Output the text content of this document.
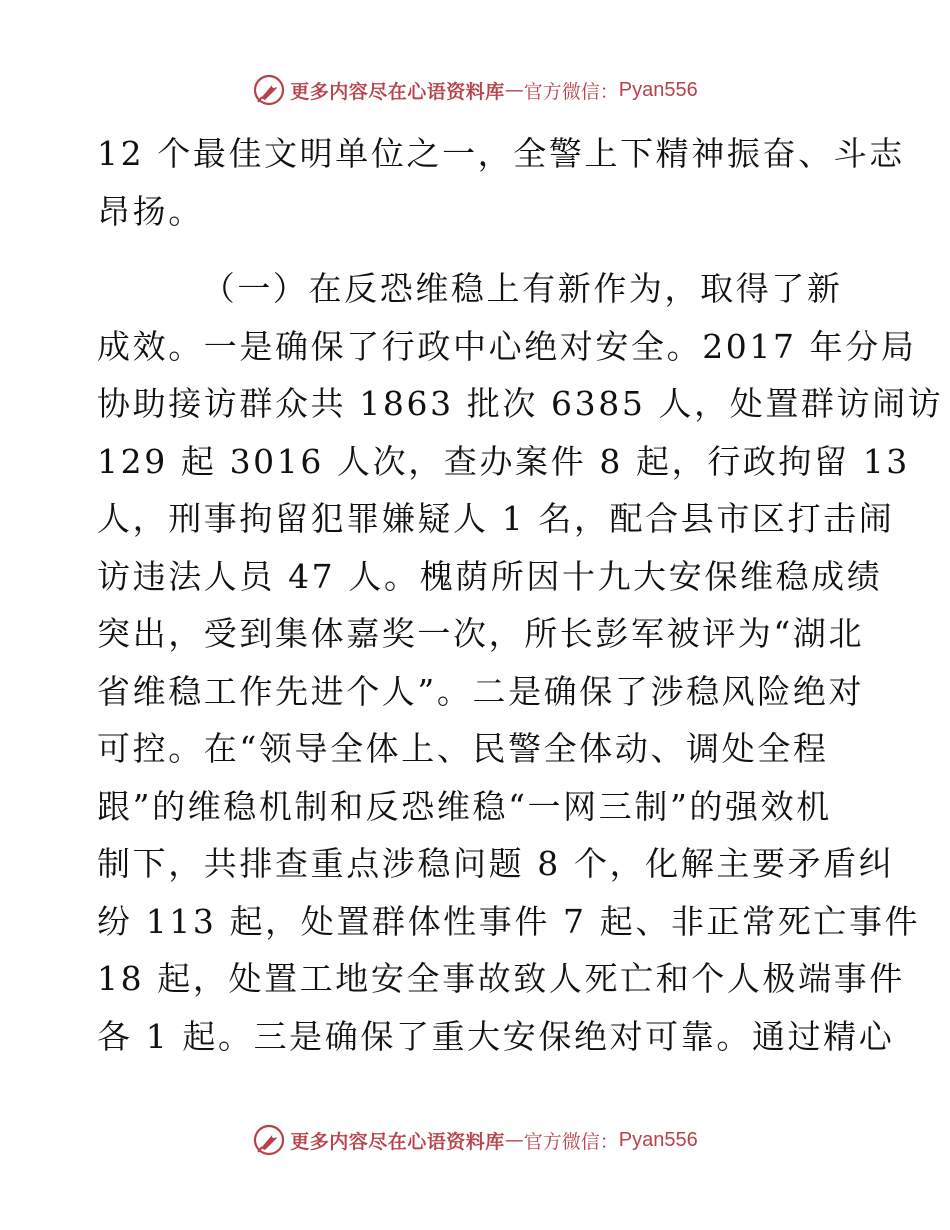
更多内容尽在心语资料库 — 官方微信： Pyan556
12 个最佳文明单位之一，全警上下精神振奋、斗志
昂扬。
（一）在反恐维稳上有新作为，取得了新
成效。一是确保了行政中心绝对安全。2017 年分局
协助接访群众共 1863 批次 6385 人，处置群访闹访
129 起 3016 人次，查办案件 8 起，行政拘留 13
人，刑事拘留犯罪嫌疑人 1 名，配合县市区打击闹
访违法人员 47 人。槐荫所因十九大安保维稳成绩
突出，受到集体嘉奖一次，所长彭军被评为“湖北
省维稳工作先进个人”。二是确保了涉稳风险绝对
可控。在“领导全体上、民警全体动、调处全程
跟”的维稳机制和反恐维稳“一网三制”的强效机
制下，共排查重点涉稳问题 8 个，化解主要矛盾纠
纷 113 起，处置群体性事件 7 起、非正常死亡事件
18 起，处置工地安全事故致人死亡和个人极端事件
各 1 起。三是确保了重大安保绝对可靠。通过精心
更多内容尽在心语资料库 — 官方微信： Pyan556
